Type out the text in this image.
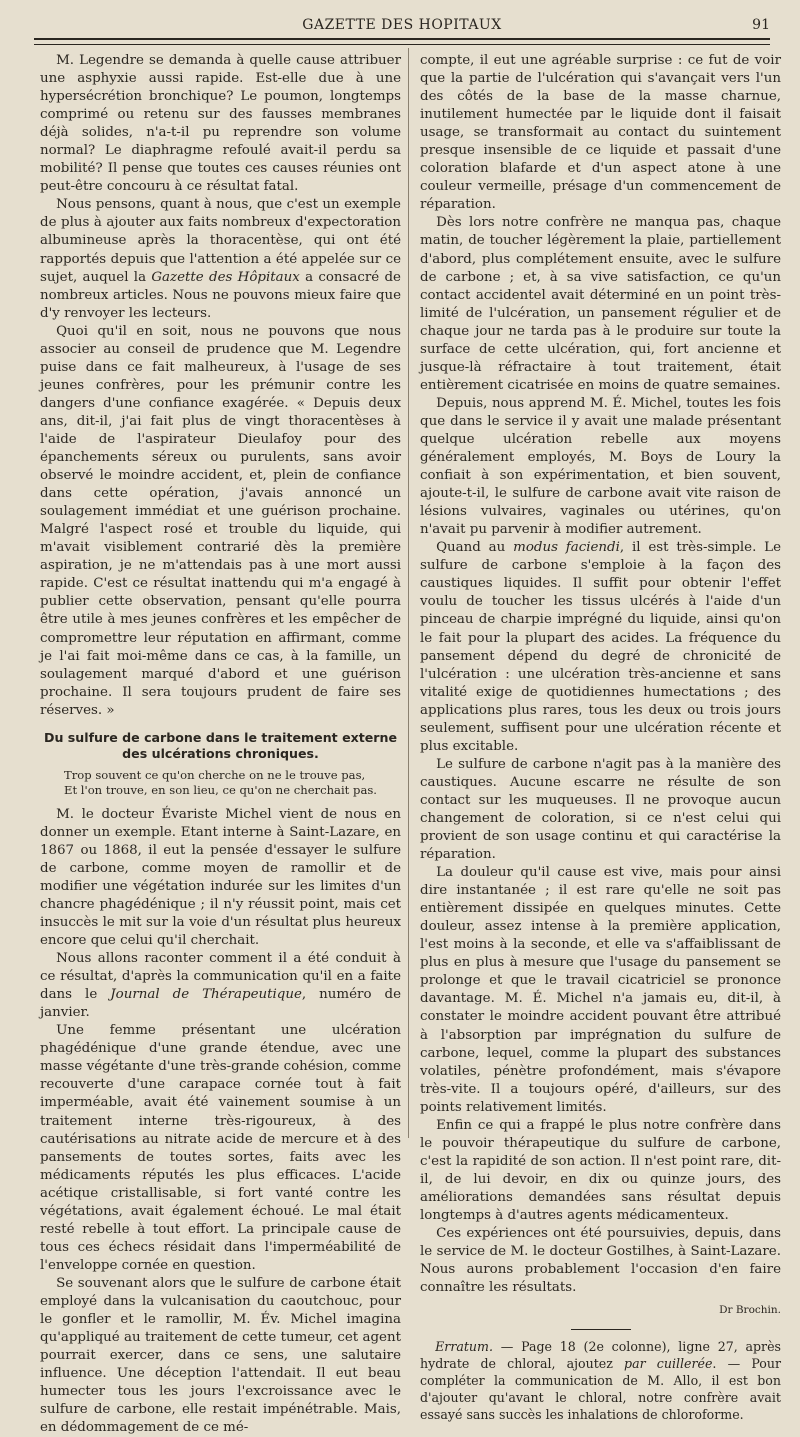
GAZETTE DES HOPITAUX	91

M. Legendre se demanda à quelle cause attribuer une asphyxie aussi rapide. Est-elle due à une hypersécrétion bronchique? Le poumon, longtemps comprimé ou retenu sur des fausses membranes déjà solides, n'a-t-il pu reprendre son volume normal? Le diaphragme refoulé avait-il perdu sa mobilité? Il pense que toutes ces causes réunies ont peut-être concouru à ce résultat fatal.

Nous pensons, quant à nous, que c'est un exemple de plus à ajouter aux faits nombreux d'expectoration albumineuse après la thoracentèse, qui ont été rapportés depuis que l'attention a été appelée sur ce sujet, auquel la Gazette des Hôpitaux a consacré de nombreux articles. Nous ne pouvons mieux faire que d'y renvoyer les lecteurs.

Quoi qu'il en soit, nous ne pouvons que nous associer au conseil de prudence que M. Legendre puise dans ce fait malheureux, à l'usage de ses jeunes confrères, pour les prémunir contre les dangers d'une confiance exagérée. « Depuis deux ans, dit-il, j'ai fait plus de vingt thoracentèses à l'aide de l'aspirateur Dieulafoy pour des épanchements séreux ou purulents, sans avoir observé le moindre accident, et, plein de confiance dans cette opération, j'avais annoncé un soulagement immédiat et une guérison prochaine. Malgré l'aspect rosé et trouble du liquide, qui m'avait visiblement contrarié dès la première aspiration, je ne m'attendais pas à une mort aussi rapide. C'est ce résultat inattendu qui m'a engagé à publier cette observation, pensant qu'elle pourra être utile à mes jeunes confrères et les empêcher de compromettre leur réputation en affirmant, comme je l'ai fait moi-même dans ce cas, à la famille, un soulagement marqué d'abord et une guérison prochaine. Il sera toujours prudent de faire ses réserves. »

Du sulfure de carbone dans le traitement externe des ulcérations chroniques.
Trop souvent ce qu'on cherche on ne le trouve pas,
Et l'on trouve, en son lieu, ce qu'on ne cherchait pas.

M. le docteur Évariste Michel vient de nous en donner un exemple. Etant interne à Saint-Lazare, en 1867 ou 1868, il eut la pensée d'essayer le sulfure de carbone, comme moyen de ramollir et de modifier une végétation indurée sur les limites d'un chancre phagédénique ; il n'y réussit point, mais cet insuccès le mit sur la voie d'un résultat plus heureux encore que celui qu'il cherchait.

Nous allons raconter comment il a été conduit à ce résultat, d'après la communication qu'il en a faite dans le Journal de Thérapeutique, numéro de janvier.

Une femme présentant une ulcération phagédénique d'une grande étendue, avec une masse végétante d'une très-grande cohésion, comme recouverte d'une carapace cornée tout à fait imperméable, avait été vainement soumise à un traitement interne très-rigoureux, à des cautérisations au nitrate acide de mercure et à des pansements de toutes sortes, faits avec les médicaments réputés les plus efficaces. L'acide acétique cristallisable, si fort vanté contre les végétations, avait également échoué. Le mal était resté rebelle à tout effort. La principale cause de tous ces échecs résidait dans l'imperméabilité de l'enveloppe cornée en question.

Se souvenant alors que le sulfure de carbone était employé dans la vulcanisation du caoutchouc, pour le gonfler et le ramollir, M. Év. Michel imagina qu'appliqué au traitement de cette tumeur, cet agent pourrait exercer, dans ce sens, une salutaire influence. Une déception l'attendait. Il eut beau humecter tous les jours l'excroissance avec le sulfure de carbone, elle restait impénétrable. Mais, en dédommagement de ce mé-

compte, il eut une agréable surprise : ce fut de voir que la partie de l'ulcération qui s'avançait vers l'un des côtés de la base de la masse charnue, inutilement humectée par le liquide dont il faisait usage, se transformait au contact du suintement presque insensible de ce liquide et passait d'une coloration blafarde et d'un aspect atone à une couleur vermeille, présage d'un commencement de réparation.

Dès lors notre confrère ne manqua pas, chaque matin, de toucher légèrement la plaie, partiellement d'abord, plus complétement ensuite, avec le sulfure de carbone ; et, à sa vive satisfaction, ce qu'un contact accidentel avait déterminé en un point très-limité de l'ulcération, un pansement régulier et de chaque jour ne tarda pas à le produire sur toute la surface de cette ulcération, qui, fort ancienne et jusque-là réfractaire à tout traitement, était entièrement cicatrisée en moins de quatre semaines.

Depuis, nous apprend M. É. Michel, toutes les fois que dans le service il y avait une malade présentant quelque ulcération rebelle aux moyens généralement employés, M. Boys de Loury la confiait à son expérimentation, et bien souvent, ajoute-t-il, le sulfure de carbone avait vite raison de lésions vulvaires, vaginales ou utérines, qu'on n'avait pu parvenir à modifier autrement.

Quand au modus faciendi, il est très-simple. Le sulfure de carbone s'emploie à la façon des caustiques liquides. Il suffit pour obtenir l'effet voulu de toucher les tissus ulcérés à l'aide d'un pinceau de charpie imprégné du liquide, ainsi qu'on le fait pour la plupart des acides. La fréquence du pansement dépend du degré de chronicité de l'ulcération : une ulcération très-ancienne et sans vitalité exige de quotidiennes humectations ; des applications plus rares, tous les deux ou trois jours seulement, suffisent pour une ulcération récente et plus excitable.

Le sulfure de carbone n'agit pas à la manière des caustiques. Aucune escarre ne résulte de son contact sur les muqueuses. Il ne provoque aucun changement de coloration, si ce n'est celui qui provient de son usage continu et qui caractérise la réparation.

La douleur qu'il cause est vive, mais pour ainsi dire instantanée ; il est rare qu'elle ne soit pas entièrement dissipée en quelques minutes. Cette douleur, assez intense à la première application, l'est moins à la seconde, et elle va s'affaiblissant de plus en plus à mesure que l'usage du pansement se prolonge et que le travail cicatriciel se prononce davantage. M. É. Michel n'a jamais eu, dit-il, à constater le moindre accident pouvant être attribué à l'absorption par imprégnation du sulfure de carbone, lequel, comme la plupart des substances volatiles, pénètre profondément, mais s'évapore très-vite. Il a toujours opéré, d'ailleurs, sur des points relativement limités.

Enfin ce qui a frappé le plus notre confrère dans le pouvoir thérapeutique du sulfure de carbone, c'est la rapidité de son action. Il n'est point rare, dit-il, de lui devoir, en dix ou quinze jours, des améliorations demandées sans résultat depuis longtemps à d'autres agents médicamenteux.

Ces expériences ont été poursuivies, depuis, dans le service de M. le docteur Gostilhes, à Saint-Lazare. Nous aurons probablement l'occasion d'en faire connaître les résultats.

Dr Brochin.

Erratum. — Page 18 (2e colonne), ligne 27, après hydrate de chloral, ajoutez par cuillerée. — Pour compléter la communication de M. Allo, il est bon d'ajouter qu'avant le chloral, notre confrère avait essayé sans succès les inhalations de chloroforme.
